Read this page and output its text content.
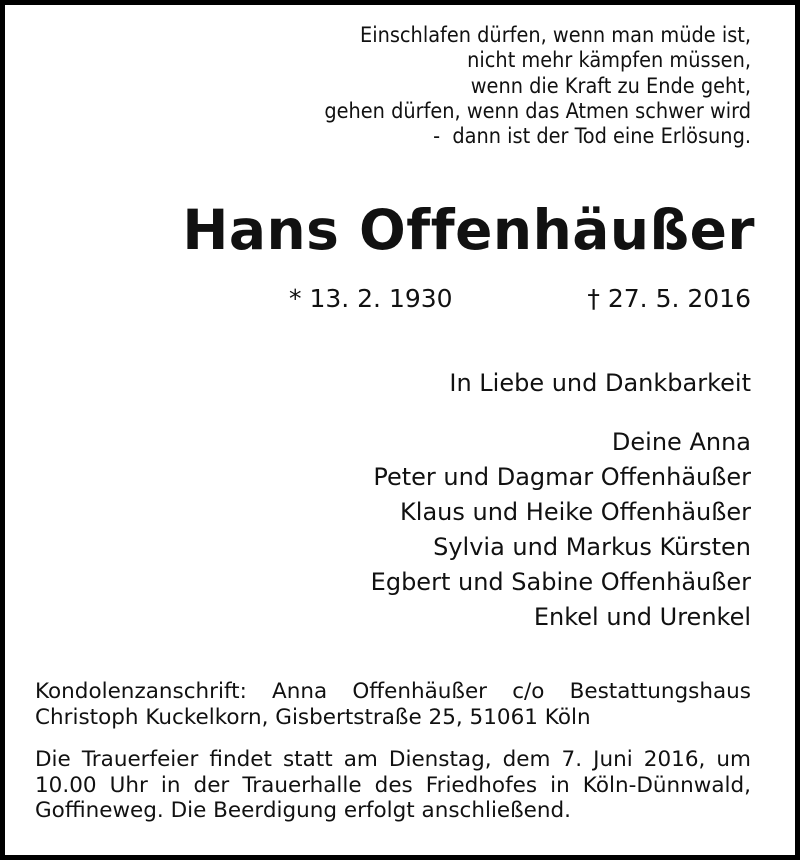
Einschlafen dürfen, wenn man müde ist,
nicht mehr kämpfen müssen,
wenn die Kraft zu Ende geht,
gehen dürfen, wenn das Atmen schwer wird
-  dann ist der Tod eine Erlösung.
Hans Offenhäußer
* 13. 2. 1930	† 27. 5. 2016
In Liebe und Dankbarkeit
Deine Anna
Peter und Dagmar Offenhäußer
Klaus und Heike Offenhäußer
Sylvia und Markus Kürsten
Egbert und Sabine Offenhäußer
Enkel und Urenkel
Kondolenzanschrift: Anna Offenhäußer c/o Bestattungshaus Christoph Kuckelkorn, Gisbertstraße 25, 51061 Köln
Die Trauerfeier findet statt am Dienstag, dem 7. Juni 2016, um 10.00 Uhr in der Trauerhalle des Friedhofes in Köln-Dünnwald, Goffineweg. Die Beerdigung erfolgt anschließend.
